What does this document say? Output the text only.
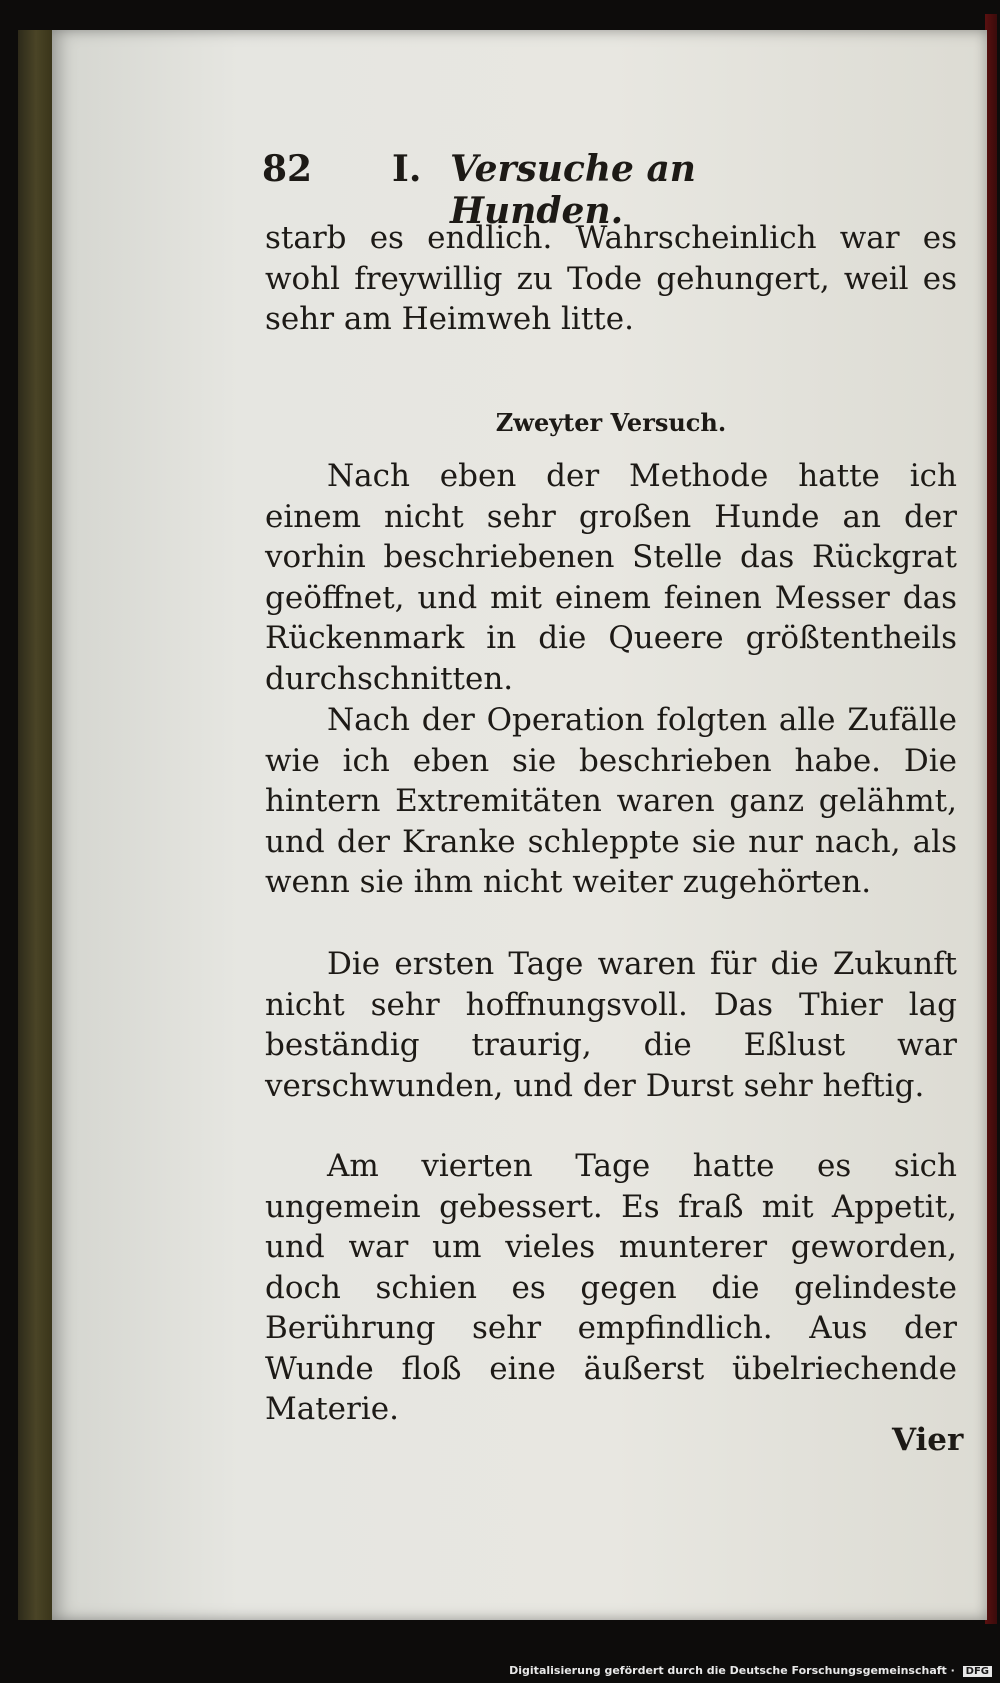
82 I. Versuche an Hunden.
starb es endlich. Wahrscheinlich war es wohl freywillig zu Tode gehungert, weil es sehr am Heimweh litte.
Zweyter Versuch.
Nach eben der Methode hatte ich einem nicht sehr großen Hunde an der vorhin beschriebenen Stelle das Rückgrat geöffnet, und mit einem feinen Messer das Rückenmark in die Queere größtentheils durchschnitten.
Nach der Operation folgten alle Zufälle wie ich eben sie beschrieben habe. Die hintern Extremitäten waren ganz gelähmt, und der Kranke schleppte sie nur nach, als wenn sie ihm nicht weiter zugehörten.
Die ersten Tage waren für die Zukunft nicht sehr hoffnungsvoll. Das Thier lag beständig traurig, die Eßlust war verschwunden, und der Durst sehr heftig.
Am vierten Tage hatte es sich ungemein gebessert. Es fraß mit Appetit, und war um vieles munterer geworden, doch schien es gegen die gelindeste Berührung sehr empfindlich. Aus der Wunde floß eine äußerst übelriechende Materie.
Vier
Digitalisierung gefördert durch die Deutsche Forschungsgemeinschaft · DFG
